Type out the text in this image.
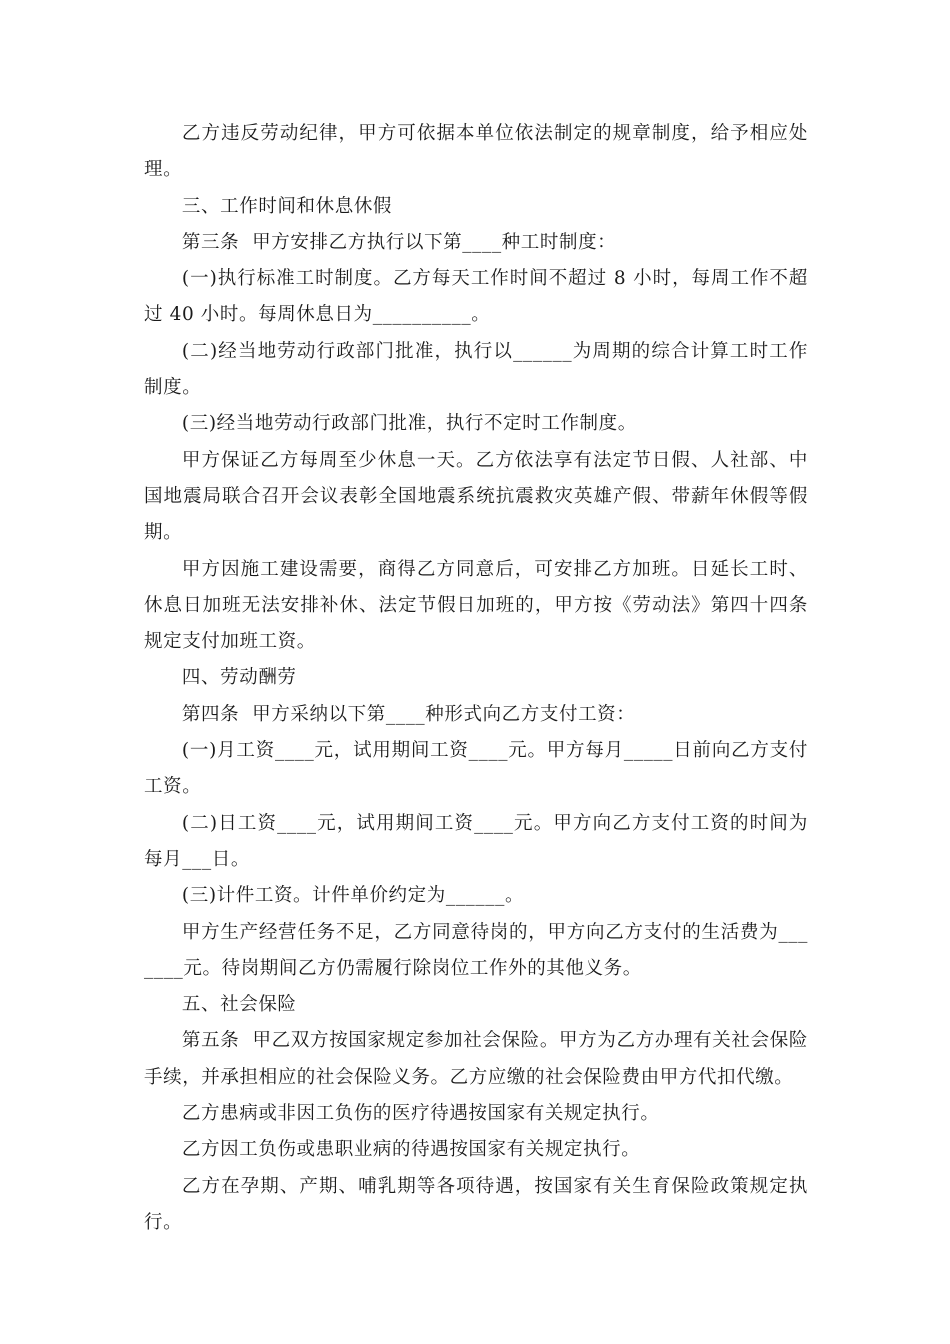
乙方违反劳动纪律，甲方可依据本单位依法制定的规章制度，给予相应处理。

三、工作时间和休息休假

第三条  甲方安排乙方执行以下第____种工时制度：

(一)执行标准工时制度。乙方每天工作时间不超过 8 小时，每周工作不超过 40 小时。每周休息日为__________。

(二)经当地劳动行政部门批准，执行以______为周期的综合计算工时工作制度。

(三)经当地劳动行政部门批准，执行不定时工作制度。

甲方保证乙方每周至少休息一天。乙方依法享有法定节日假、人社部、中国地震局联合召开会议表彰全国地震系统抗震救灾英雄产假、带薪年休假等假期。

甲方因施工建设需要，商得乙方同意后，可安排乙方加班。日延长工时、休息日加班无法安排补休、法定节假日加班的，甲方按《劳动法》第四十四条规定支付加班工资。

四、劳动酬劳

第四条  甲方采纳以下第____种形式向乙方支付工资：

(一)月工资____元，试用期间工资____元。甲方每月_____日前向乙方支付工资。

(二)日工资____元，试用期间工资____元。甲方向乙方支付工资的时间为每月___日。

(三)计件工资。计件单价约定为______。

甲方生产经营任务不足，乙方同意待岗的，甲方向乙方支付的生活费为_______元。待岗期间乙方仍需履行除岗位工作外的其他义务。

五、社会保险

第五条  甲乙双方按国家规定参加社会保险。甲方为乙方办理有关社会保险手续，并承担相应的社会保险义务。乙方应缴的社会保险费由甲方代扣代缴。

乙方患病或非因工负伤的医疗待遇按国家有关规定执行。

乙方因工负伤或患职业病的待遇按国家有关规定执行。

乙方在孕期、产期、哺乳期等各项待遇，按国家有关生育保险政策规定执行。
